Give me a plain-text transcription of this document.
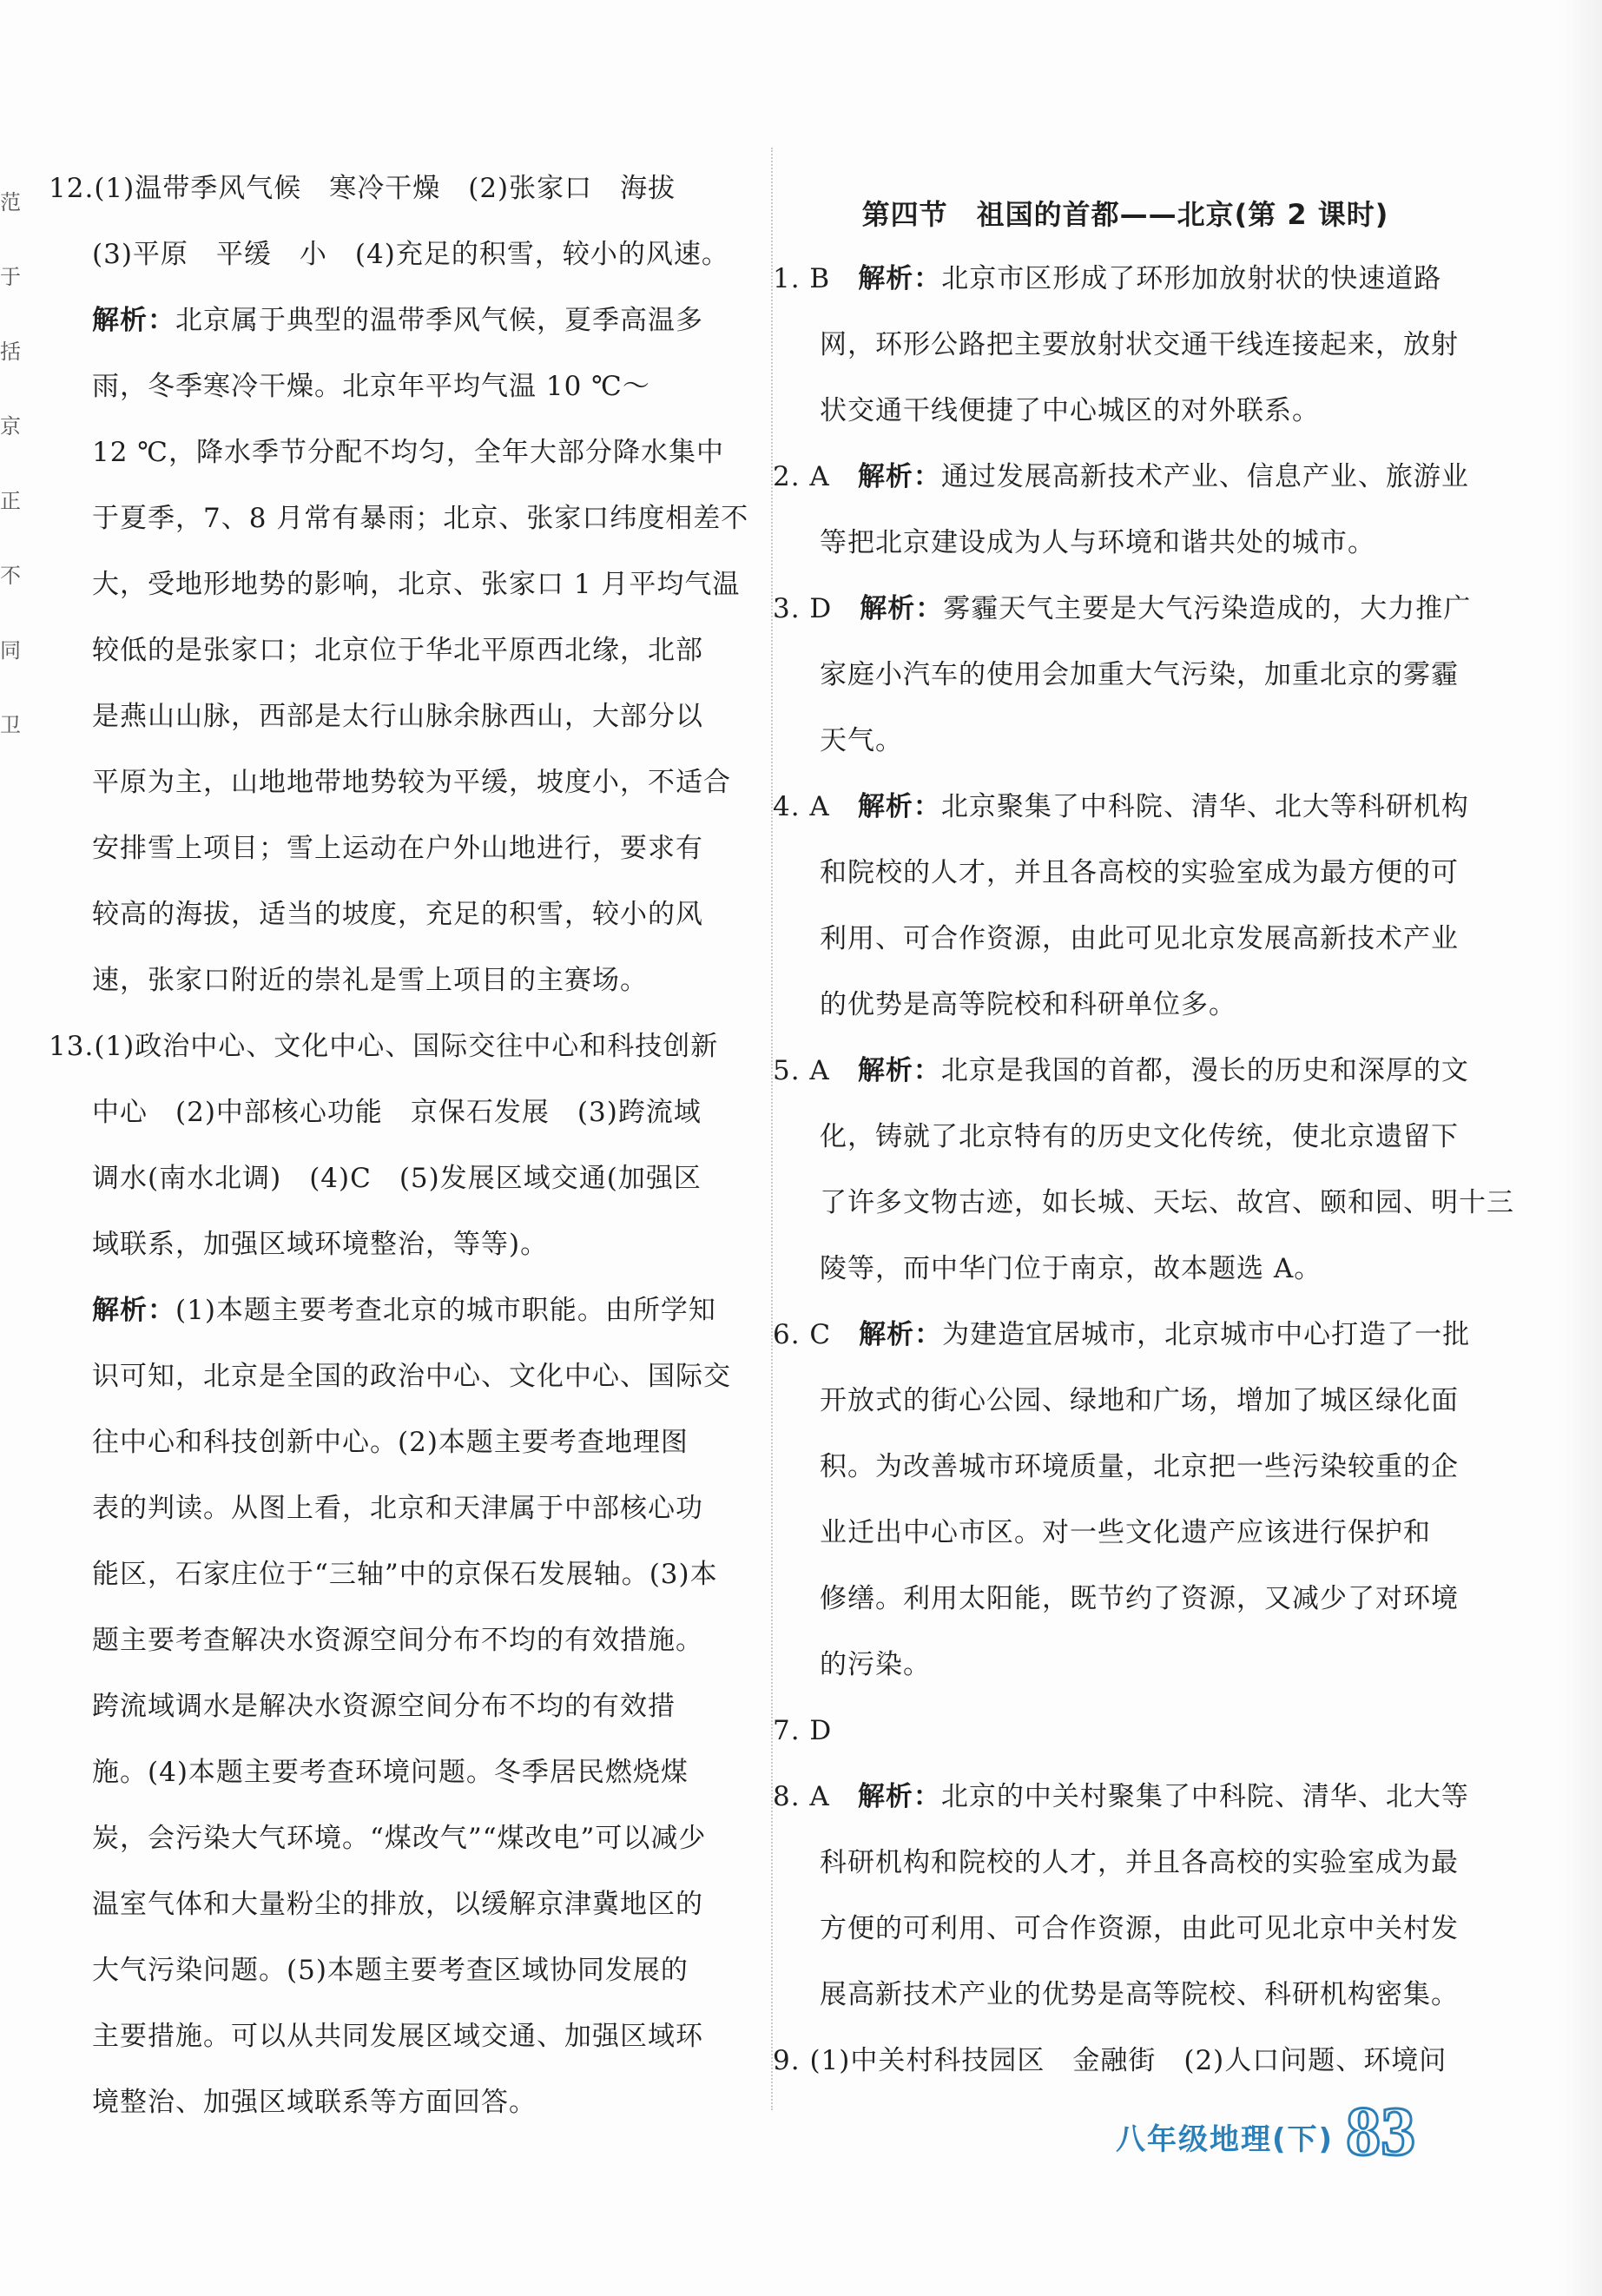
范
于
括
京
正
不
同
卫
12.(1)温带季风气候　寒冷干燥　(2)张家口　海拔
(3)平原　平缓　小　(4)充足的积雪，较小的风速。
解析：北京属于典型的温带季风气候，夏季高温多
雨，冬季寒冷干燥。北京年平均气温 10 ℃～
12 ℃，降水季节分配不均匀，全年大部分降水集中
于夏季，7、8 月常有暴雨；北京、张家口纬度相差不
大，受地形地势的影响，北京、张家口 1 月平均气温
较低的是张家口；北京位于华北平原西北缘，北部
是燕山山脉，西部是太行山脉余脉西山，大部分以
平原为主，山地地带地势较为平缓，坡度小，不适合
安排雪上项目；雪上运动在户外山地进行，要求有
较高的海拔，适当的坡度，充足的积雪，较小的风
速，张家口附近的崇礼是雪上项目的主赛场。
13.(1)政治中心、文化中心、国际交往中心和科技创新
中心　(2)中部核心功能　京保石发展　(3)跨流域
调水(南水北调)　(4)C　(5)发展区域交通(加强区
域联系，加强区域环境整治，等等)。
解析：(1)本题主要考查北京的城市职能。由所学知
识可知，北京是全国的政治中心、文化中心、国际交
往中心和科技创新中心。(2)本题主要考查地理图
表的判读。从图上看，北京和天津属于中部核心功
能区，石家庄位于“三轴”中的京保石发展轴。(3)本
题主要考查解决水资源空间分布不均的有效措施。
跨流域调水是解决水资源空间分布不均的有效措
施。(4)本题主要考查环境问题。冬季居民燃烧煤
炭，会污染大气环境。“煤改气”“煤改电”可以减少
温室气体和大量粉尘的排放，以缓解京津冀地区的
大气污染问题。(5)本题主要考查区域协同发展的
主要措施。可以从共同发展区域交通、加强区域环
境整治、加强区域联系等方面回答。
第四节　祖国的首都——北京(第 2 课时)
1. B　解析：北京市区形成了环形加放射状的快速道路
网，环形公路把主要放射状交通干线连接起来，放射
状交通干线便捷了中心城区的对外联系。
2. A　解析：通过发展高新技术产业、信息产业、旅游业
等把北京建设成为人与环境和谐共处的城市。
3. D　解析：雾霾天气主要是大气污染造成的，大力推广
家庭小汽车的使用会加重大气污染，加重北京的雾霾
天气。
4. A　解析：北京聚集了中科院、清华、北大等科研机构
和院校的人才，并且各高校的实验室成为最方便的可
利用、可合作资源，由此可见北京发展高新技术产业
的优势是高等院校和科研单位多。
5. A　解析：北京是我国的首都，漫长的历史和深厚的文
化，铸就了北京特有的历史文化传统，使北京遗留下
了许多文物古迹，如长城、天坛、故宫、颐和园、明十三
陵等，而中华门位于南京，故本题选 A。
6. C　解析：为建造宜居城市，北京城市中心打造了一批
开放式的街心公园、绿地和广场，增加了城区绿化面
积。为改善城市环境质量，北京把一些污染较重的企
业迁出中心市区。对一些文化遗产应该进行保护和
修缮。利用太阳能，既节约了资源，又减少了对环境
的污染。
7. D
8. A　解析：北京的中关村聚集了中科院、清华、北大等
科研机构和院校的人才，并且各高校的实验室成为最
方便的可利用、可合作资源，由此可见北京中关村发
展高新技术产业的优势是高等院校、科研机构密集。
9. (1)中关村科技园区　金融街　(2)人口问题、环境问
八年级地理(下) 83
